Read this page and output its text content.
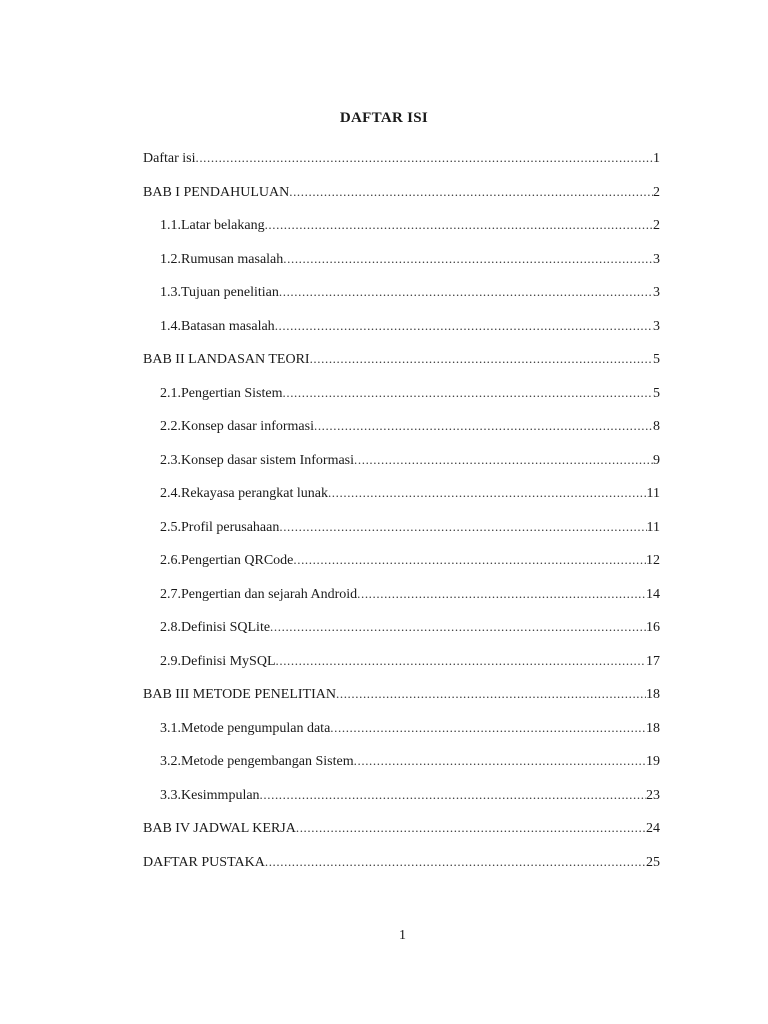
DAFTAR ISI
Daftar isi .....	1
BAB I PENDAHULUAN .....	2
1.1. Latar belakang .....	2
1.2. Rumusan masalah .....	3
1.3. Tujuan penelitian .....	3
1.4. Batasan masalah .....	3
BAB II LANDASAN TEORI .....	5
2.1. Pengertian Sistem .....	5
2.2. Konsep dasar informasi .....	8
2.3. Konsep dasar sistem Informasi .....	9
2.4. Rekayasa perangkat lunak .....	11
2.5. Profil perusahaan .....	11
2.6. Pengertian QRCode .....	12
2.7. Pengertian dan sejarah Android .....	14
2.8. Definisi SQLite .....	16
2.9. Definisi MySQL .....	17
BAB III METODE PENELITIAN .....	18
3.1. Metode pengumpulan data .....	18
3.2. Metode pengembangan Sistem .....	19
3.3. Kesimmpulan .....	23
BAB IV JADWAL KERJA .....	24
DAFTAR PUSTAKA .....	25
1
